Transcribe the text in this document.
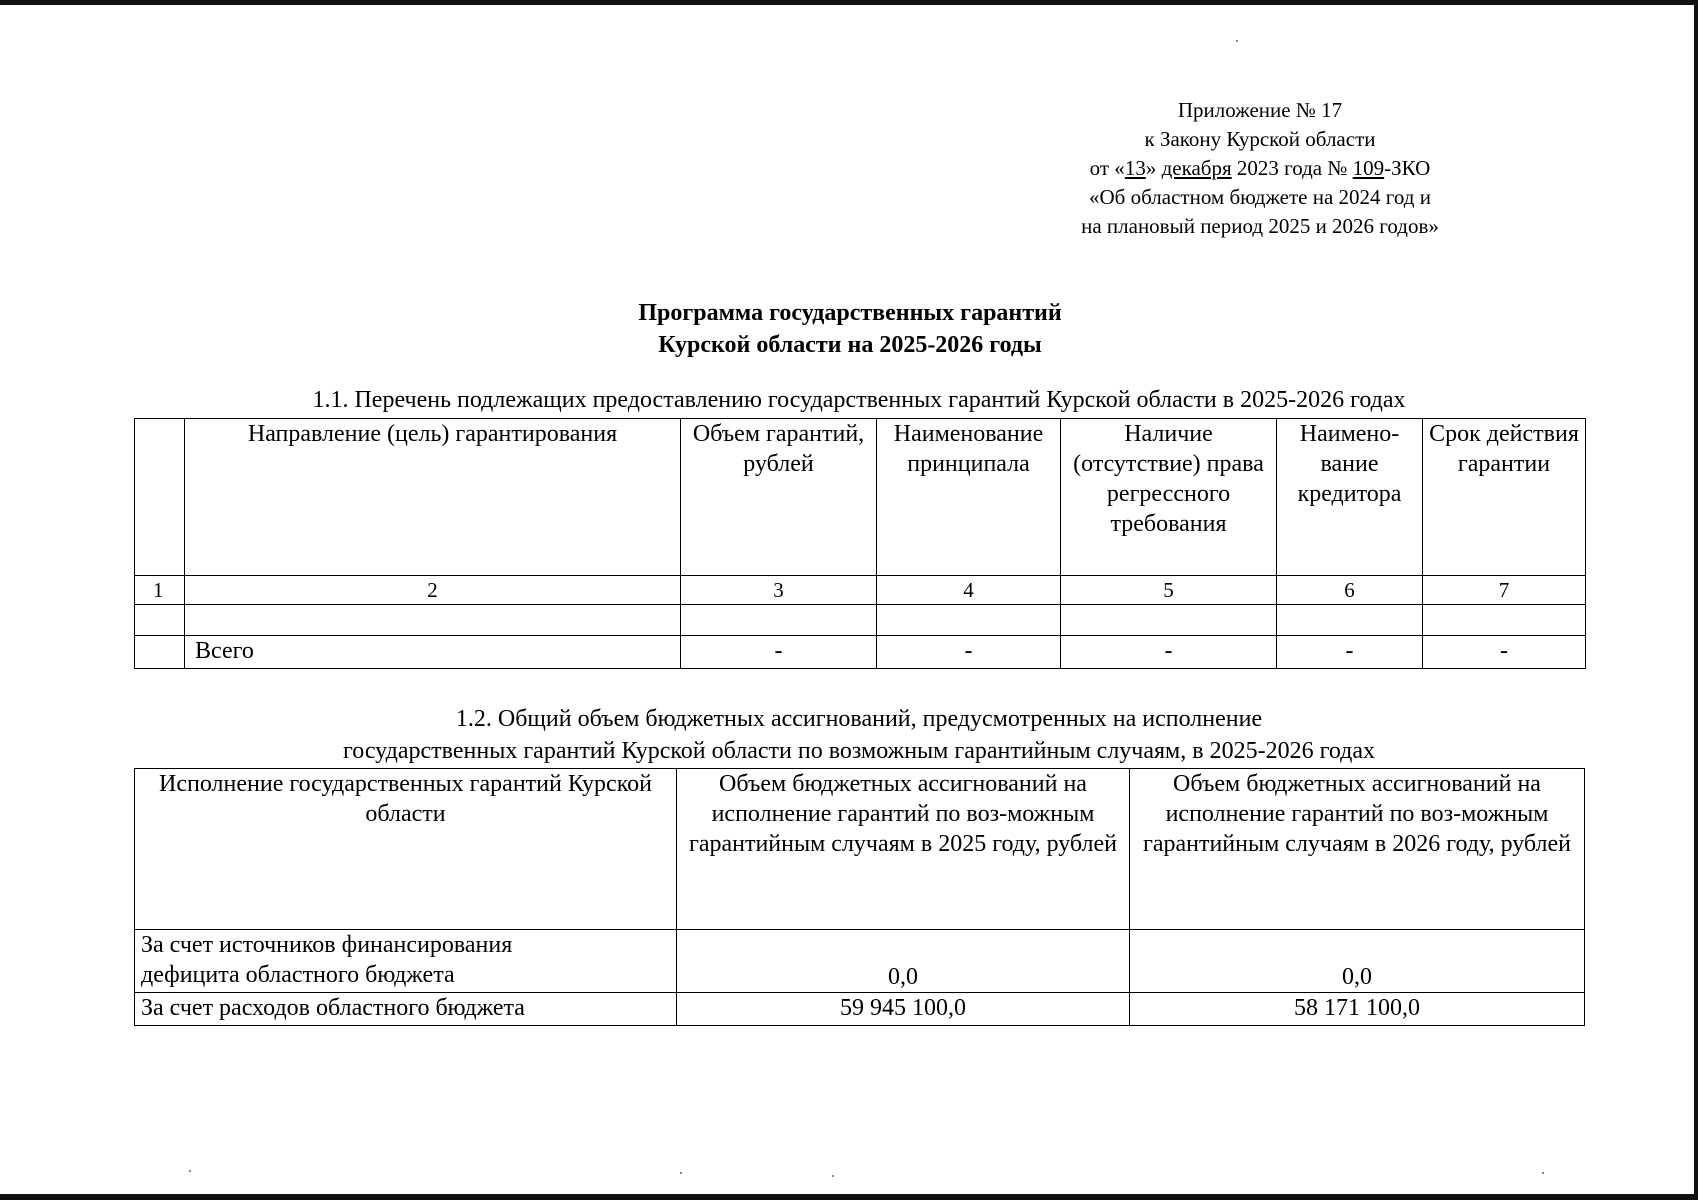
Приложение № 17
к Закону Курской области
от «13» декабря 2023 года № 109-ЗКО
«Об областном бюджете на 2024 год и
на плановый период 2025 и 2026 годов»
Программа государственных гарантий
Курской области на 2025-2026 годы
1.1. Перечень подлежащих предоставлению государственных гарантий Курской области в 2025-2026 годах
	Направление (цель) гарантирования	Объем гарантий, рублей	Наименование принципала	Наличие (отсутствие) права регрессного требования	Наимено-вание кредитора	Срок действия гарантии
1	2	3	4	5	6	7

	Всего	-	-	-	-	-
1.2. Общий объем бюджетных ассигнований, предусмотренных на исполнение
государственных гарантий Курской области по возможным гарантийным случаям, в 2025-2026 годах
Исполнение государственных гарантий Курской области	Объем бюджетных ассигнований на исполнение гарантий по воз-можным гарантийным случаям в 2025 году, рублей	Объем бюджетных ассигнований на исполнение гарантий по воз-можным гарантийным случаям в 2026 году, рублей

За счет источников финансирования
дефицита областного бюджета	0,0	0,0
За счет расходов областного бюджета	59 945 100,0	58 171 100,0
